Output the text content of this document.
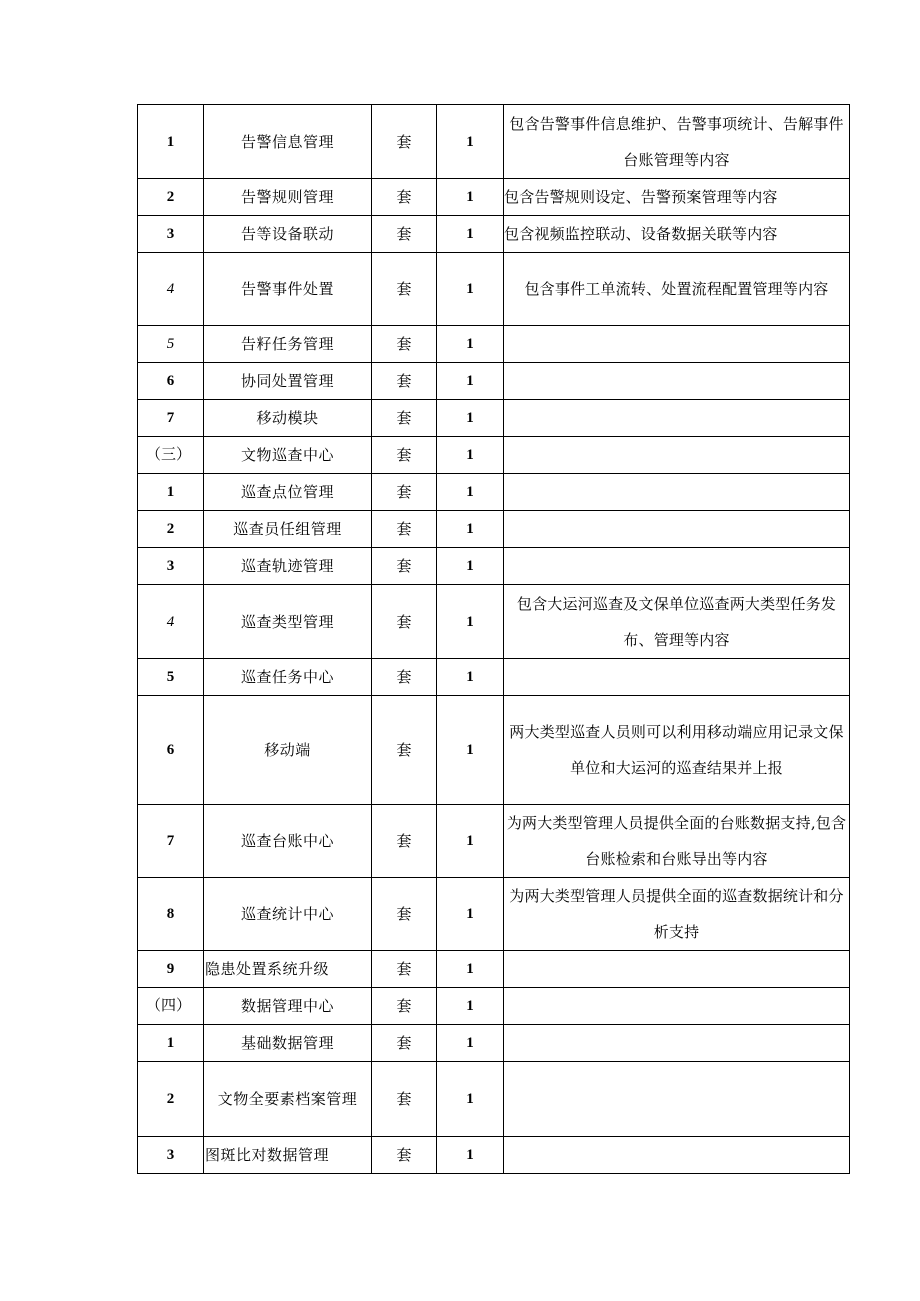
1	告警信息管理	套	1	包含告警事件信息维护、告警事项统计、告解事件台账管理等内容
2	告警规则管理	套	1	包含告警规则设定、告警预案管理等内容
3	告等设备联动	套	1	包含视频监控联动、设备数据关联等内容
4	告警事件处置	套	1	包含事件工单流转、处置流程配置管理等内容
5	告籽任务管理	套	1	
6	协同处置管理	套	1	
7	移动模块	套	1	
（三）	文物巡查中心	套	1	
1	巡查点位管理	套	1	
2	巡查员任组管理	套	1	
3	巡查轨迹管理	套	1	
4	巡查类型管理	套	1	包含大运河巡查及文保单位巡查两大类型任务发布、管理等内容
5	巡查任务中心	套	1	
6	移动端	套	1	两大类型巡查人员则可以利用移动端应用记录文保单位和大运河的巡查结果并上报
7	巡查台账中心	套	1	为两大类型管理人员提供全面的台账数据支持,包含台账检索和台账导出等内容
8	巡查统计中心	套	1	为两大类型管理人员提供全面的巡查数据统计和分析支持
9	隐患处置系统升级	套	1	
（四）	数据管理中心	套	1	
1	基础数据管理	套	1	
2	文物全要素档案管理	套	1	
3	图斑比对数据管理	套	1	
